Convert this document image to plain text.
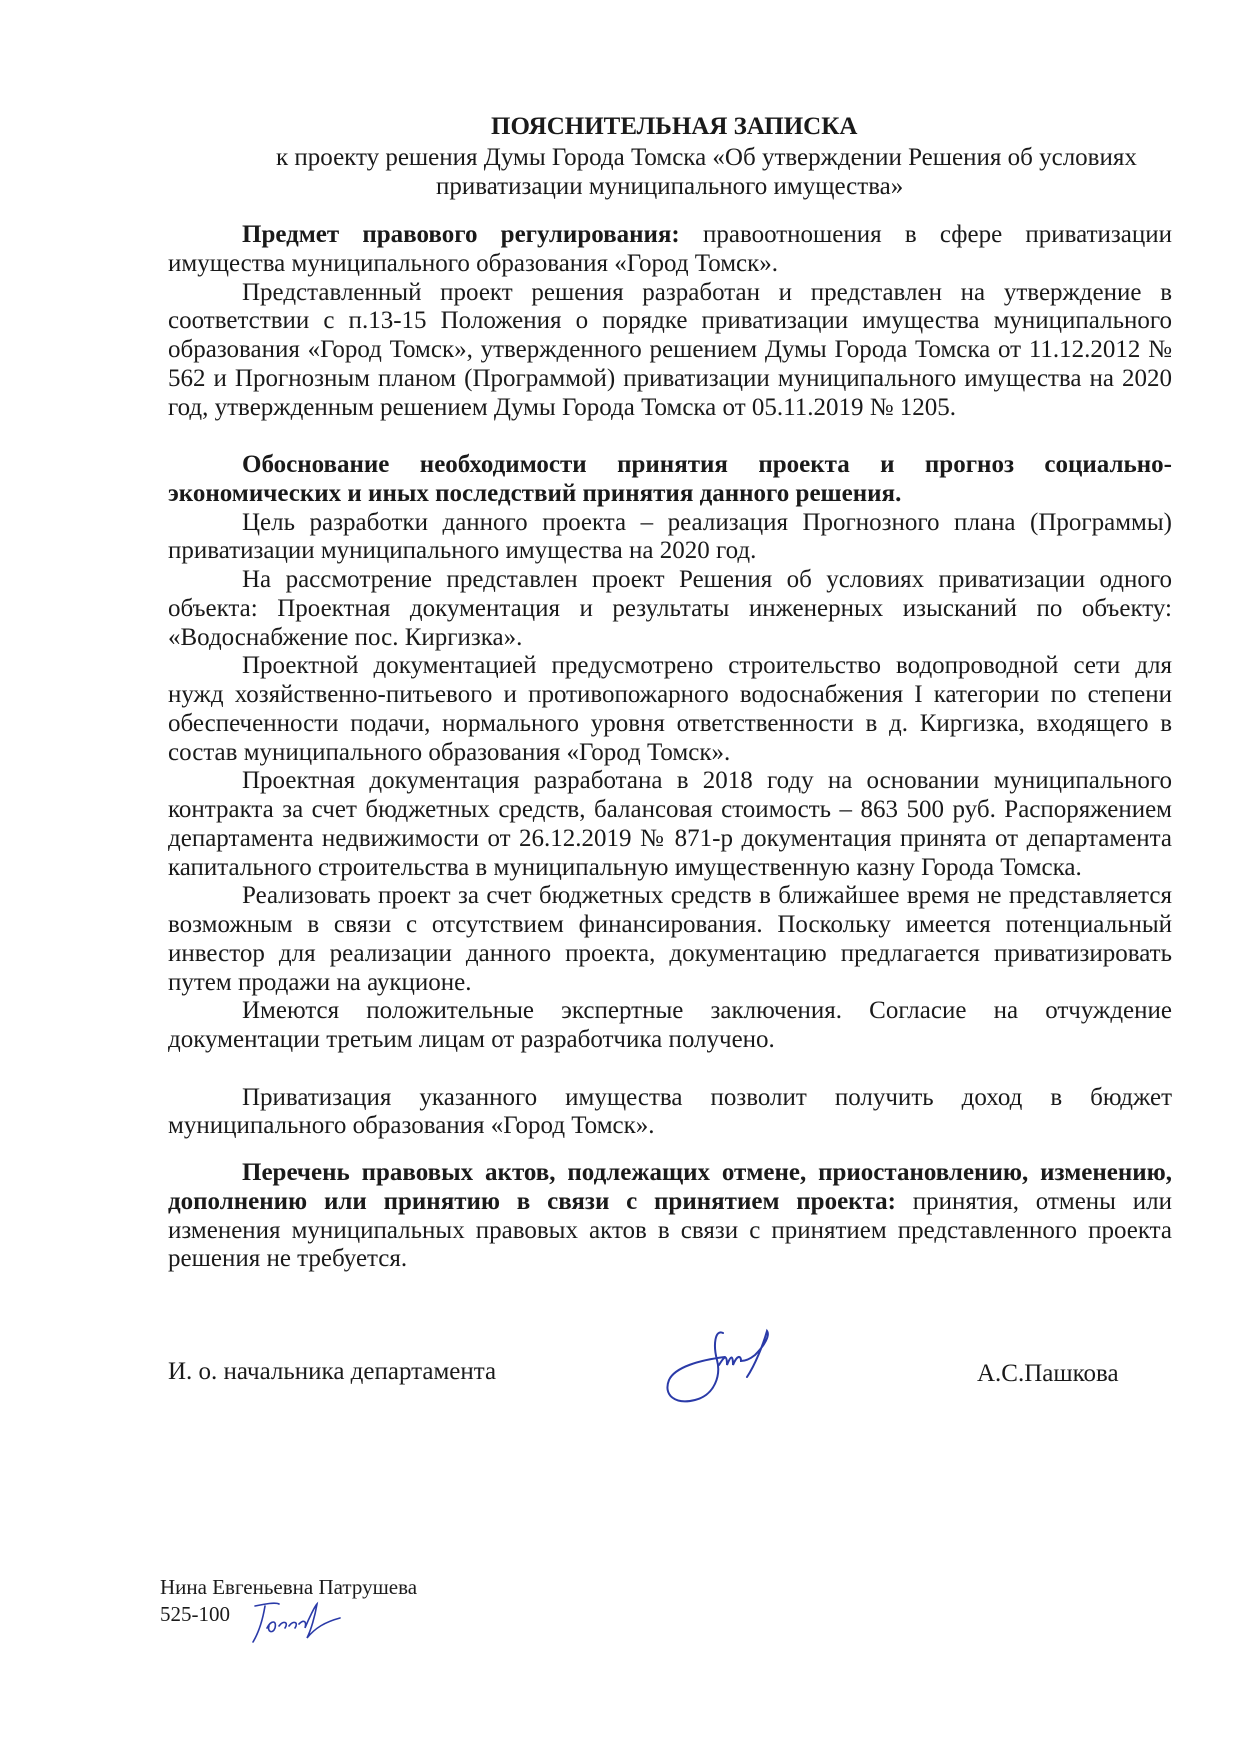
ПОЯСНИТЕЛЬНАЯ ЗАПИСКА
к проекту решения Думы Города Томска «Об утверждении Решения об условиях
приватизации муниципального имущества»

Предмет правового регулирования: правоотношения в сфере приватизации имущества муниципального образования «Город Томск».

Представленный проект решения разработан и представлен на утверждение в соответствии с п.13-15 Положения о порядке приватизации имущества муниципального образования «Город Томск», утвержденного решением Думы Города Томска от 11.12.2012 № 562 и Прогнозным планом (Программой) приватизации муниципального имущества на 2020 год, утвержденным решением Думы Города Томска от 05.11.2019 № 1205.

Обоснование необходимости принятия проекта и прогноз социально-экономических и иных последствий принятия данного решения.

Цель разработки данного проекта – реализация Прогнозного плана (Программы) приватизации муниципального имущества на 2020 год.

На рассмотрение представлен проект Решения об условиях приватизации одного объекта: Проектная документация и результаты инженерных изысканий по объекту: «Водоснабжение пос. Киргизка».

Проектной документацией предусмотрено строительство водопроводной сети для нужд хозяйственно-питьевого и противопожарного водоснабжения I категории по степени обеспеченности подачи, нормального уровня ответственности в д. Киргизка, входящего в состав муниципального образования «Город Томск».

Проектная документация разработана в 2018 году на основании муниципального контракта за счет бюджетных средств, балансовая стоимость – 863 500 руб. Распоряжением департамента недвижимости от 26.12.2019 № 871-р документация принята от департамента капитального строительства в муниципальную имущественную казну Города Томска.

Реализовать проект за счет бюджетных средств в ближайшее время не представляется возможным в связи с отсутствием финансирования. Поскольку имеется потенциальный инвестор для реализации данного проекта, документацию предлагается приватизировать путем продажи на аукционе.

Имеются положительные экспертные заключения. Согласие на отчуждение документации третьим лицам от разработчика получено.

Приватизация указанного имущества позволит получить доход в бюджет муниципального образования «Город Томск».

Перечень правовых актов, подлежащих отмене, приостановлению, изменению, дополнению или принятию в связи с принятием проекта: принятия, отмены или изменения муниципальных правовых актов в связи с принятием представленного проекта решения не требуется.

И. о. начальника департамента	А.С.Пашкова
Нина Евгеньевна Патрушева
525-100
